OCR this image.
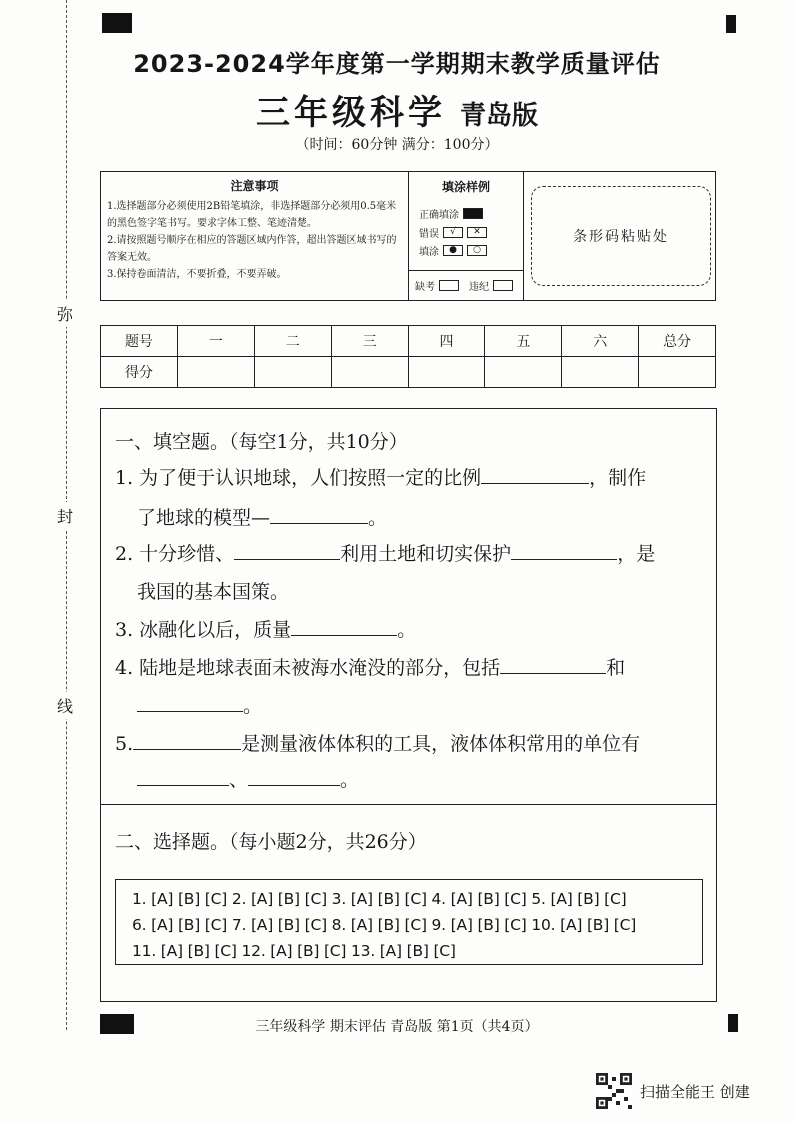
弥
封
线
2023-2024学年度第一学期期末教学质量评估
三年级科学 青岛版
（时间：60分钟 满分：100分）
注意事项
1.选择题部分必须使用2B铅笔填涂，非选择题部分必须用0.5毫米的黑色签字笔书写。要求字体工整、笔迹清楚。
2.请按照题号顺序在相应的答题区域内作答，超出答题区域书写的答案无效。
3.保持卷面清洁，不要折叠，不要弄破。
填涂样例
正确填涂
错误	√	✕
填涂	●	○
缺考	违纪
条形码粘贴处
题号	一	二	三	四	五	六	总分
得分							
一、填空题。（每空1分，共10分）
1. 为了便于认识地球，人们按照一定的比例	，制作
了地球的模型—	。
2. 十分珍惜、	利用土地和切实保护	，是
我国的基本国策。
3. 冰融化以后，质量	。
4. 陆地是地球表面未被海水淹没的部分，包括	和
。
5.	是测量液体体积的工具，液体体积常用的单位有
、	。
二、选择题。（每小题2分，共26分）
1. [A] [B] [C] 2. [A] [B] [C] 3. [A] [B] [C] 4. [A] [B] [C] 5. [A] [B] [C]
6. [A] [B] [C] 7. [A] [B] [C] 8. [A] [B] [C] 9. [A] [B] [C] 10. [A] [B] [C]
11. [A] [B] [C] 12. [A] [B] [C] 13. [A] [B] [C]
三年级科学 期末评估 青岛版 第1页（共4页）
扫描全能王 创建
